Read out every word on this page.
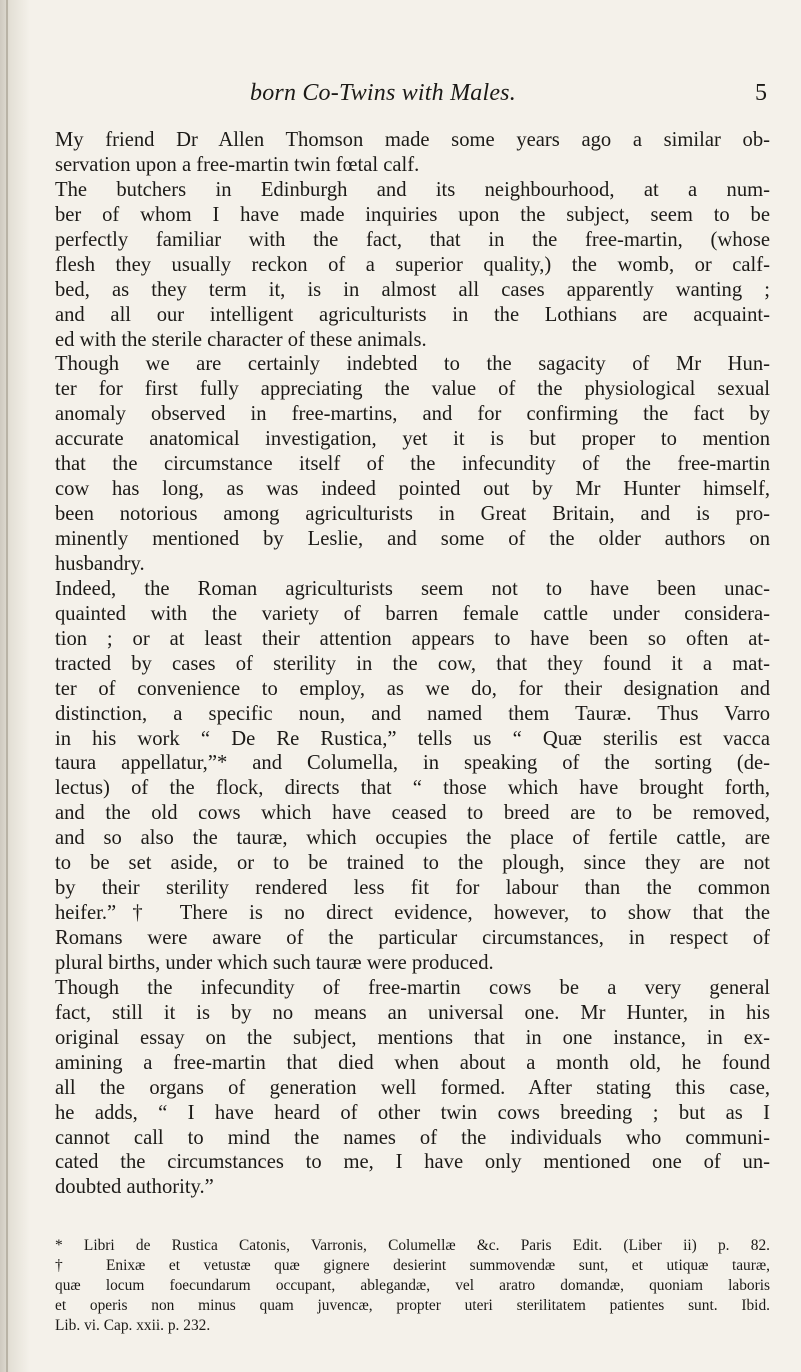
born Co-Twins with Males.	5
My friend Dr Allen Thomson made some years ago a similar ob-
servation upon a free-martin twin fœtal calf.
The butchers in Edinburgh and its neighbourhood, at a num-
ber of whom I have made inquiries upon the subject, seem to be
perfectly familiar with the fact, that in the free-martin, (whose
flesh they usually reckon of a superior quality,) the womb, or calf-
bed, as they term it, is in almost all cases apparently wanting ;
and all our intelligent agriculturists in the Lothians are acquaint-
ed with the sterile character of these animals.
Though we are certainly indebted to the sagacity of Mr Hun-
ter for first fully appreciating the value of the physiological sexual
anomaly observed in free-martins, and for confirming the fact by
accurate anatomical investigation, yet it is but proper to mention
that the circumstance itself of the infecundity of the free-martin
cow has long, as was indeed pointed out by Mr Hunter himself,
been notorious among agriculturists in Great Britain, and is pro-
minently mentioned by Leslie, and some of the older authors on
husbandry.
Indeed, the Roman agriculturists seem not to have been unac-
quainted with the variety of barren female cattle under considera-
tion ; or at least their attention appears to have been so often at-
tracted by cases of sterility in the cow, that they found it a mat-
ter of convenience to employ, as we do, for their designation and
distinction, a specific noun, and named them Tauræ. Thus Varro
in his work “ De Re Rustica,” tells us “ Quæ sterilis est vacca
taura appellatur,”* and Columella, in speaking of the sorting (de-
lectus) of the flock, directs that “ those which have brought forth,
and the old cows which have ceased to breed are to be removed,
and so also the tauræ, which occupies the place of fertile cattle, are
to be set aside, or to be trained to the plough, since they are not
by their sterility rendered less fit for labour than the common
heifer.”† There is no direct evidence, however, to show that the
Romans were aware of the particular circumstances, in respect of
plural births, under which such tauræ were produced.
Though the infecundity of free-martin cows be a very general
fact, still it is by no means an universal one. Mr Hunter, in his
original essay on the subject, mentions that in one instance, in ex-
amining a free-martin that died when about a month old, he found
all the organs of generation well formed. After stating this case,
he adds, “ I have heard of other twin cows breeding ; but as I
cannot call to mind the names of the individuals who communi-
cated the circumstances to me, I have only mentioned one of un-
doubted authority.”
* Libri de Rustica Catonis, Varronis, Columellæ &c. Paris Edit. (Liber ii) p. 82.
† Enixæ et vetustæ quæ gignere desierint summovendæ sunt, et utiquæ tauræ,
quæ locum foecundarum occupant, ablegandæ, vel aratro domandæ, quoniam laboris
et operis non minus quam juvencæ, propter uteri sterilitatem patientes sunt. Ibid.
Lib. vi. Cap. xxii. p. 232.
